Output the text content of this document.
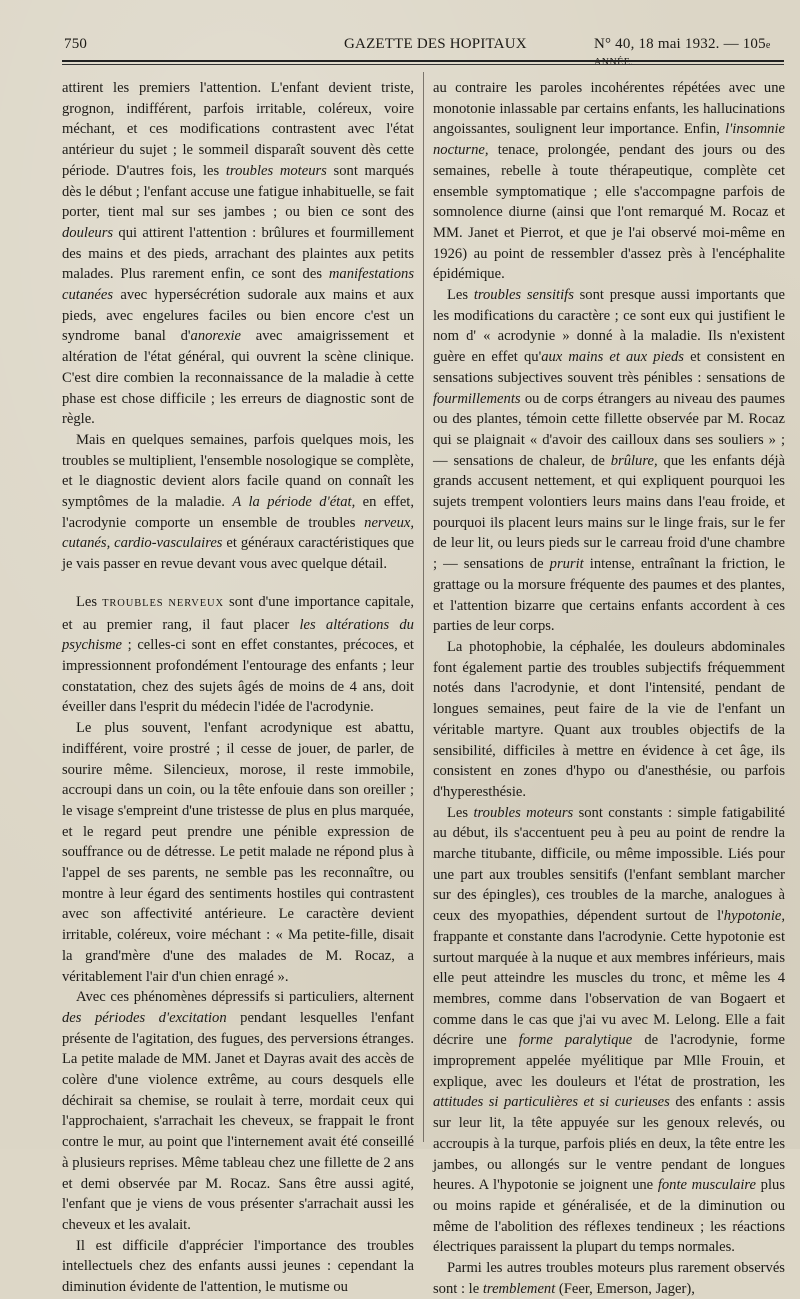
750	GAZETTE DES HOPITAUX	N° 40, 18 mai 1932. — 105e ANNÉE.

attirent les premiers l'attention. L'enfant devient triste, grognon, indifférent, parfois irritable, coléreux, voire méchant, et ces modifications contrastent avec l'état antérieur du sujet ; le sommeil disparaît souvent dès cette période. D'autres fois, les troubles moteurs sont marqués dès le début ; l'enfant accuse une fatigue inhabituelle, se fait porter, tient mal sur ses jambes ; ou bien ce sont des douleurs qui attirent l'attention : brûlures et fourmillement des mains et des pieds, arrachant des plaintes aux petits malades. Plus rarement enfin, ce sont des manifestations cutanées avec hypersécrétion sudorale aux mains et aux pieds, avec engelures faciles ou bien encore c'est un syndrome banal d'anorexie avec amaigrissement et altération de l'état général, qui ouvrent la scène clinique. C'est dire combien la reconnaissance de la maladie à cette phase est chose difficile ; les erreurs de diagnostic sont de règle.

Mais en quelques semaines, parfois quelques mois, les troubles se multiplient, l'ensemble nosologique se complète, et le diagnostic devient alors facile quand on connaît les symptômes de la maladie. A la période d'état, en effet, l'acrodynie comporte un ensemble de troubles nerveux, cutanés, cardio-vasculaires et généraux caractéristiques que je vais passer en revue devant vous avec quelque détail.

Les TROUBLES NERVEUX sont d'une importance capitale, et au premier rang, il faut placer les altérations du psychisme ; celles-ci sont en effet constantes, précoces, et impressionnent profondément l'entourage des enfants ; leur constatation, chez des sujets âgés de moins de 4 ans, doit éveiller dans l'esprit du médecin l'idée de l'acrodynie.

Le plus souvent, l'enfant acrodynique est abattu, indifférent, voire prostré ; il cesse de jouer, de parler, de sourire même. Silencieux, morose, il reste immobile, accroupi dans un coin, ou la tête enfouie dans son oreiller ; le visage s'empreint d'une tristesse de plus en plus marquée, et le regard peut prendre une pénible expression de souffrance ou de détresse. Le petit malade ne répond plus à l'appel de ses parents, ne semble pas les reconnaître, ou montre à leur égard des sentiments hostiles qui contrastent avec son affectivité antérieure. Le caractère devient irritable, coléreux, voire méchant : « Ma petite-fille, disait la grand'mère d'une des malades de M. Rocaz, a véritablement l'air d'un chien enragé ».

Avec ces phénomènes dépressifs si particuliers, alternent des périodes d'excitation pendant lesquelles l'enfant présente de l'agitation, des fugues, des perversions étranges. La petite malade de MM. Janet et Dayras avait des accès de colère d'une violence extrême, au cours desquels elle déchirait sa chemise, se roulait à terre, mordait ceux qui l'approchaient, s'arrachait les cheveux, se frappait le front contre le mur, au point que l'internement avait été conseillé à plusieurs reprises. Même tableau chez une fillette de 2 ans et demi observée par M. Rocaz. Sans être aussi agité, l'enfant que je viens de vous présenter s'arrachait aussi les cheveux et les avalait.

Il est difficile d'apprécier l'importance des troubles intellectuels chez des enfants aussi jeunes : cependant la diminution évidente de l'attention, le mutisme ou

au contraire les paroles incohérentes répétées avec une monotonie inlassable par certains enfants, les hallucinations angoissantes, soulignent leur importance. Enfin, l'insomnie nocturne, tenace, prolongée, pendant des jours ou des semaines, rebelle à toute thérapeutique, complète cet ensemble symptomatique ; elle s'accompagne parfois de somnolence diurne (ainsi que l'ont remarqué M. Rocaz et MM. Janet et Pierrot, et que je l'ai observé moi-même en 1926) au point de ressembler d'assez près à l'encéphalite épidémique.

Les troubles sensitifs sont presque aussi importants que les modifications du caractère ; ce sont eux qui justifient le nom d' « acrodynie » donné à la maladie. Ils n'existent guère en effet qu'aux mains et aux pieds et consistent en sensations subjectives souvent très pénibles : sensations de fourmillements ou de corps étrangers au niveau des paumes ou des plantes, témoin cette fillette observée par M. Rocaz qui se plaignait « d'avoir des cailloux dans ses souliers » ; — sensations de chaleur, de brûlure, que les enfants déjà grands accusent nettement, et qui expliquent pourquoi les sujets trempent volontiers leurs mains dans l'eau froide, et pourquoi ils placent leurs mains sur le linge frais, sur le fer de leur lit, ou leurs pieds sur le carreau froid d'une chambre ; — sensations de prurit intense, entraînant la friction, le grattage ou la morsure fréquente des paumes et des plantes, et l'attention bizarre que certains enfants accordent à ces parties de leur corps.

La photophobie, la céphalée, les douleurs abdominales font également partie des troubles subjectifs fréquemment notés dans l'acrodynie, et dont l'intensité, pendant de longues semaines, peut faire de la vie de l'enfant un véritable martyre. Quant aux troubles objectifs de la sensibilité, difficiles à mettre en évidence à cet âge, ils consistent en zones d'hypo ou d'anesthésie, ou parfois d'hyperesthésie.

Les troubles moteurs sont constants : simple fatigabilité au début, ils s'accentuent peu à peu au point de rendre la marche titubante, difficile, ou même impossible. Liés pour une part aux troubles sensitifs (l'enfant semblant marcher sur des épingles), ces troubles de la marche, analogues à ceux des myopathies, dépendent surtout de l'hypotonie, frappante et constante dans l'acrodynie. Cette hypotonie est surtout marquée à la nuque et aux membres inférieurs, mais elle peut atteindre les muscles du tronc, et même les 4 membres, comme dans l'observation de van Bogaert et comme dans le cas que j'ai vu avec M. Lelong. Elle a fait décrire une forme paralytique de l'acrodynie, forme improprement appelée myélitique par Mlle Frouin, et explique, avec les douleurs et l'état de prostration, les attitudes si particulières et si curieuses des enfants : assis sur leur lit, la tête appuyée sur les genoux relevés, ou accroupis à la turque, parfois pliés en deux, la tête entre les jambes, ou allongés sur le ventre pendant de longues heures. A l'hypotonie se joignent une fonte musculaire plus ou moins rapide et généralisée, et de la diminution ou même de l'abolition des réflexes tendineux ; les réactions électriques paraissent la plupart du temps normales.

Parmi les autres troubles moteurs plus rarement observés sont : le tremblement (Feer, Emerson, Jager),
